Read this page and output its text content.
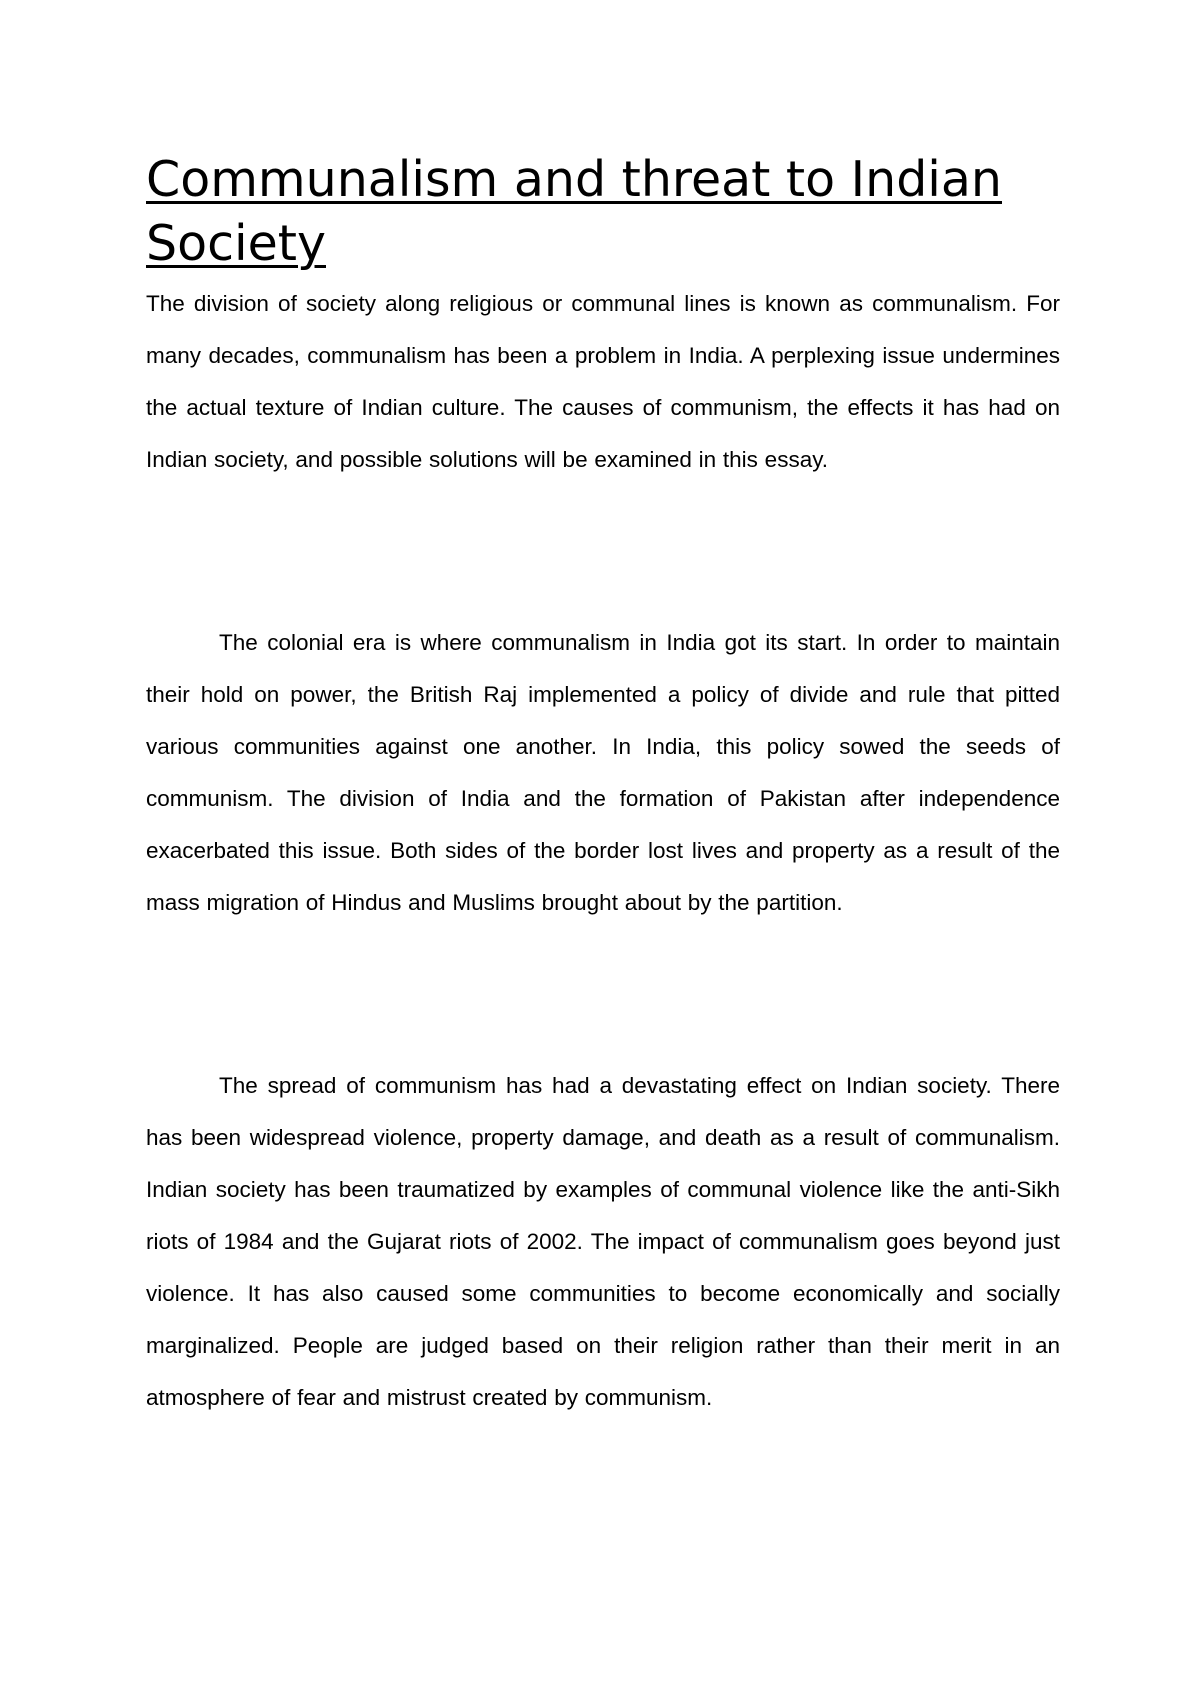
Communalism and threat to Indian Society

The division of society along religious or communal lines is known as communalism. For many decades, communalism has been a problem in India. A perplexing issue undermines the actual texture of Indian culture. The causes of communism, the effects it has had on Indian society, and possible solutions will be examined in this essay.

The colonial era is where communalism in India got its start. In order to maintain their hold on power, the British Raj implemented a policy of divide and rule that pitted various communities against one another. In India, this policy sowed the seeds of communism. The division of India and the formation of Pakistan after independence exacerbated this issue. Both sides of the border lost lives and property as a result of the mass migration of Hindus and Muslims brought about by the partition.

The spread of communism has had a devastating effect on Indian society. There has been widespread violence, property damage, and death as a result of communalism. Indian society has been traumatized by examples of communal violence like the anti-Sikh riots of 1984 and the Gujarat riots of 2002. The impact of communalism goes beyond just violence. It has also caused some communities to become economically and socially marginalized. People are judged based on their religion rather than their merit in an atmosphere of fear and mistrust created by communism.
